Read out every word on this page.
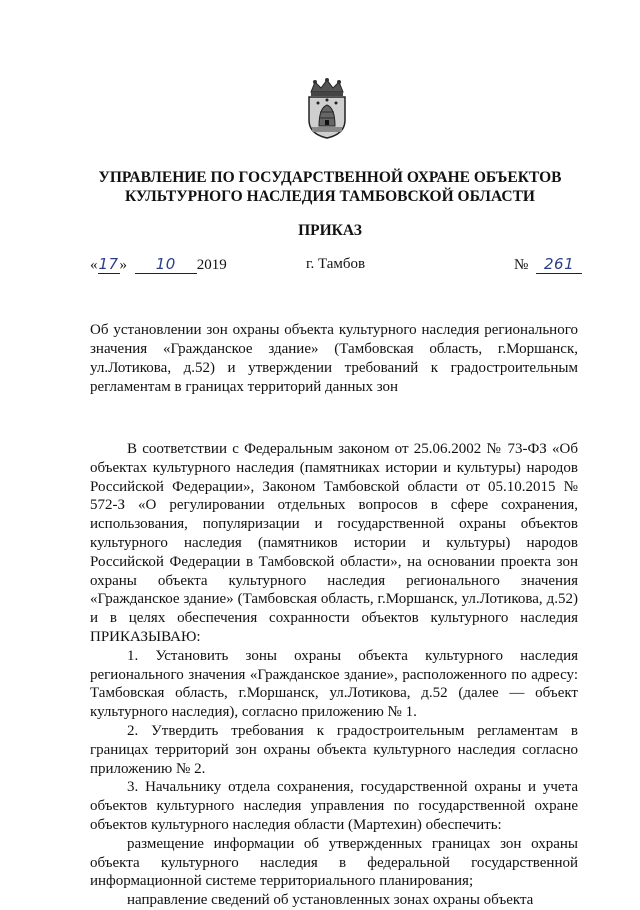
УПРАВЛЕНИЕ ПО ГОСУДАРСТВЕННОЙ ОХРАНЕ ОБЪЕКТОВ
КУЛЬТУРНОГО НАСЛЕДИЯ ТАМБОВСКОЙ ОБЛАСТИ
ПРИКАЗ
«17» 10 2019	г. Тамбов	№ 261
Об установлении зон охраны объекта культурного наследия регионального значения «Гражданское здание» (Тамбовская область, г.Моршанск, ул.Лотикова, д.52) и утверждении требований к градостроительным регламентам в границах территорий данных зон

В соответствии с Федеральным законом от 25.06.2002 № 73-ФЗ «Об объектах культурного наследия (памятниках истории и культуры) народов Российской Федерации», Законом Тамбовской области от 05.10.2015 № 572-З «О регулировании отдельных вопросов в сфере сохранения, использования, популяризации и государственной охраны объектов культурного наследия (памятников истории и культуры) народов Российской Федерации в Тамбовской области», на основании проекта зон охраны объекта культурного наследия регионального значения «Гражданское здание» (Тамбовская область, г.Моршанск, ул.Лотикова, д.52) и в целях обеспечения сохранности объектов культурного наследия ПРИКАЗЫВАЮ:

1. Установить зоны охраны объекта культурного наследия регионального значения «Гражданское здание», расположенного по адресу: Тамбовская область, г.Моршанск, ул.Лотикова, д.52 (далее — объект культурного наследия), согласно приложению № 1.

2. Утвердить требования к градостроительным регламентам в границах территорий зон охраны объекта культурного наследия согласно приложению № 2.

3. Начальнику отдела сохранения, государственной охраны и учета объектов культурного наследия управления по государственной охране объектов культурного наследия области (Мартехин) обеспечить:

размещение информации об утвержденных границах зон охраны объекта культурного наследия в федеральной государственной информационной системе территориального планирования;

направление сведений об установленных зонах охраны объекта
